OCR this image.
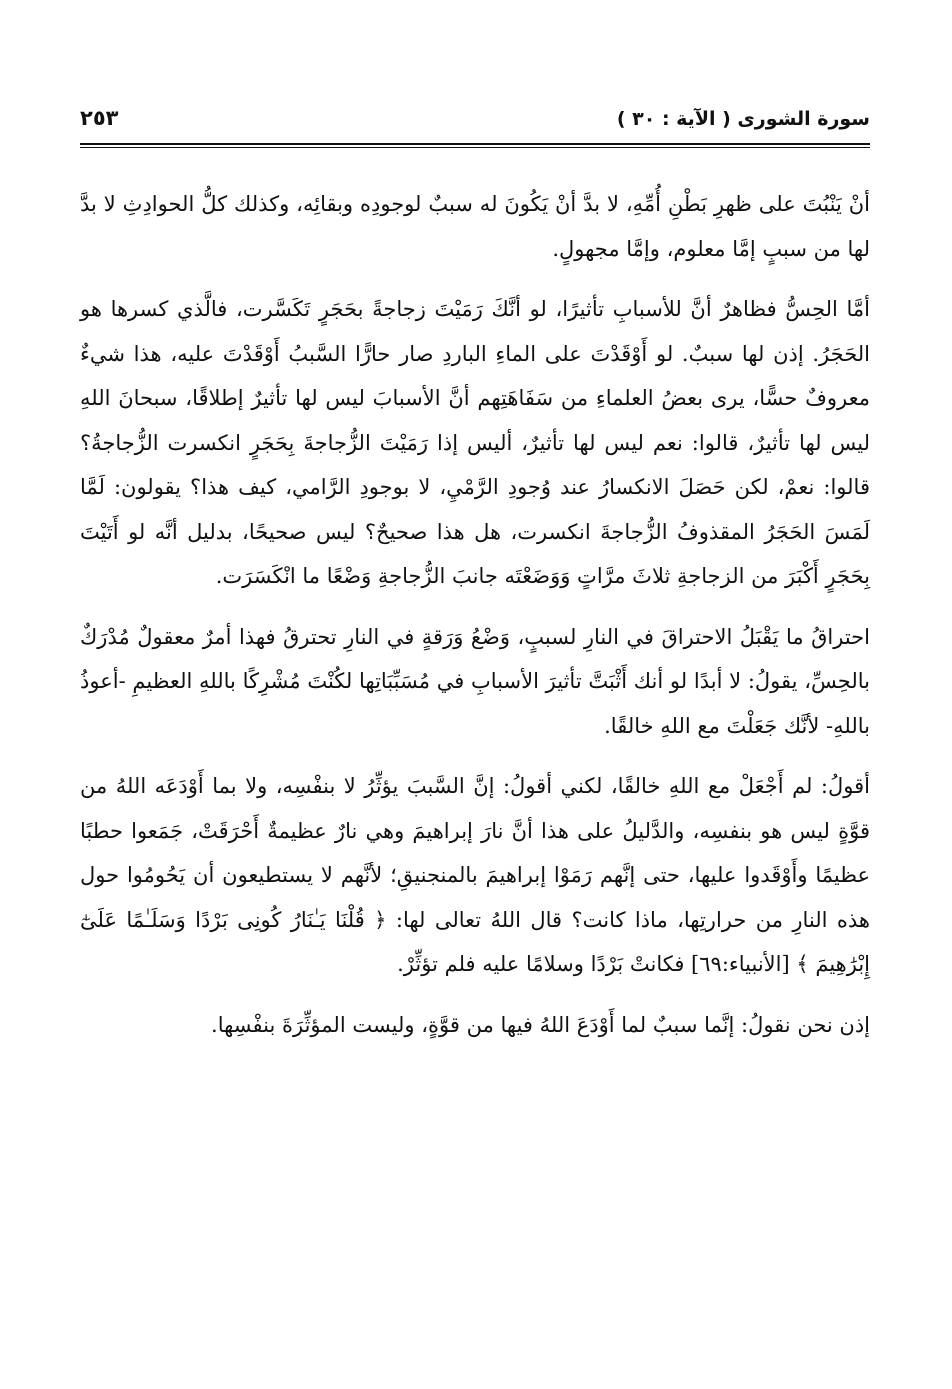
سورة الشورى ( الآية : ٣٠ )
٢٥٣

أنْ يَنْبُتَ على ظهرِ بَطْنِ أُمِّهِ، لا بدَّ أنْ يَكُونَ له سببٌ لوجودِه وبقائِه، وكذلك كلُّ الحوادِثِ لا بدَّ لها من سببٍ إمَّا معلوم، وإمَّا مجهولٍ.

أمَّا الحِسُّ فظاهرٌ أنَّ للأسبابِ تأثيرًا، لو أنَّكَ رَمَيْتَ زجاجةً بحَجَرٍ تَكَسَّرت، فالَّذي كسرها هو الحَجَرُ. إذن لها سببٌ. لو أَوْقَدْتَ على الماءِ الباردِ صار حارًّا السَّببُ أَوْقَدْتَ عليه، هذا شيءٌ معروفٌ حسًّا، يرى بعضُ العلماءِ من سَفَاهَتِهم أنَّ الأسبابَ ليس لها تأثيرٌ إطلاقًا، سبحانَ اللهِ ليس لها تأثيرٌ، قالوا: نعم ليس لها تأثيرٌ، أليس إذا رَمَيْتَ الزُّجاجةَ بِحَجَرٍ انكسرت الزُّجاجةُ؟ قالوا: نعمْ، لكن حَصَلَ الانكسارُ عند وُجودِ الرَّمْيِ، لا بوجودِ الرَّامي، كيف هذا؟ يقولون: لَمَّا لَمَسَ الحَجَرُ المقذوفُ الزُّجاجةَ انكسرت، هل هذا صحيحٌ؟ ليس صحيحًا، بدليل أنَّه لو أَتَيْتَ بِحَجَرٍ أَكْبَرَ من الزجاجةِ ثلاثَ مرَّاتٍ وَوَضَعْتَه جانبَ الزُّجاجةِ وَضْعًا ما انْكَسَرَت.

احتراقُ ما يَقْبَلُ الاحتراقَ في النارِ لسببٍ، وَضْعُ وَرَقةٍ في النارِ تحترقُ فهذا أمرٌ معقولٌ مُدْرَكٌ بالحِسِّ، يقولُ: لا أبدًا لو أنك أَثْبَتَّ تأثيرَ الأسبابِ في مُسَبِّبَاتِها لكُنْتَ مُشْرِكًا باللهِ العظيمِ -أعوذُ باللهِ- لأنَّك جَعَلْتَ مع اللهِ خالقًا.

أقولُ: لم أَجْعَلْ مع اللهِ خالقًا، لكني أقولُ: إنَّ السَّببَ يؤثِّرُ لا بنفْسِه، ولا بما أَوْدَعَه اللهُ من قوَّةٍ ليس هو بنفسِه، والدَّليلُ على هذا أنَّ نارَ إبراهيمَ وهي نارٌ عظيمةٌ أَحْرَقَتْ، جَمَعوا حطبًا عظيمًا وأَوْقَدوا عليها، حتى إنَّهم رَمَوْا إبراهيمَ بالمنجنيقِ؛ لأنَّهم لا يستطيعون أن يَحُومُوا حول هذه النارِ من حرارتِها، ماذا كانت؟ قال اللهُ تعالى لها: ﴿ قُلْنَا يَـٰنَارُ كُونِى بَرْدًا وَسَلَـٰمًا عَلَىٰٓ إِبْرَٰهِيمَ ﴾ [الأنبياء:٦٩] فكانتْ بَرْدًا وسلامًا عليه فلم تؤثِّرْ.

إذن نحن نقولُ: إنَّما سببٌ لما أَوْدَعَ اللهُ فيها من قوَّةٍ، وليست المؤثِّرَةَ بنفْسِها.
